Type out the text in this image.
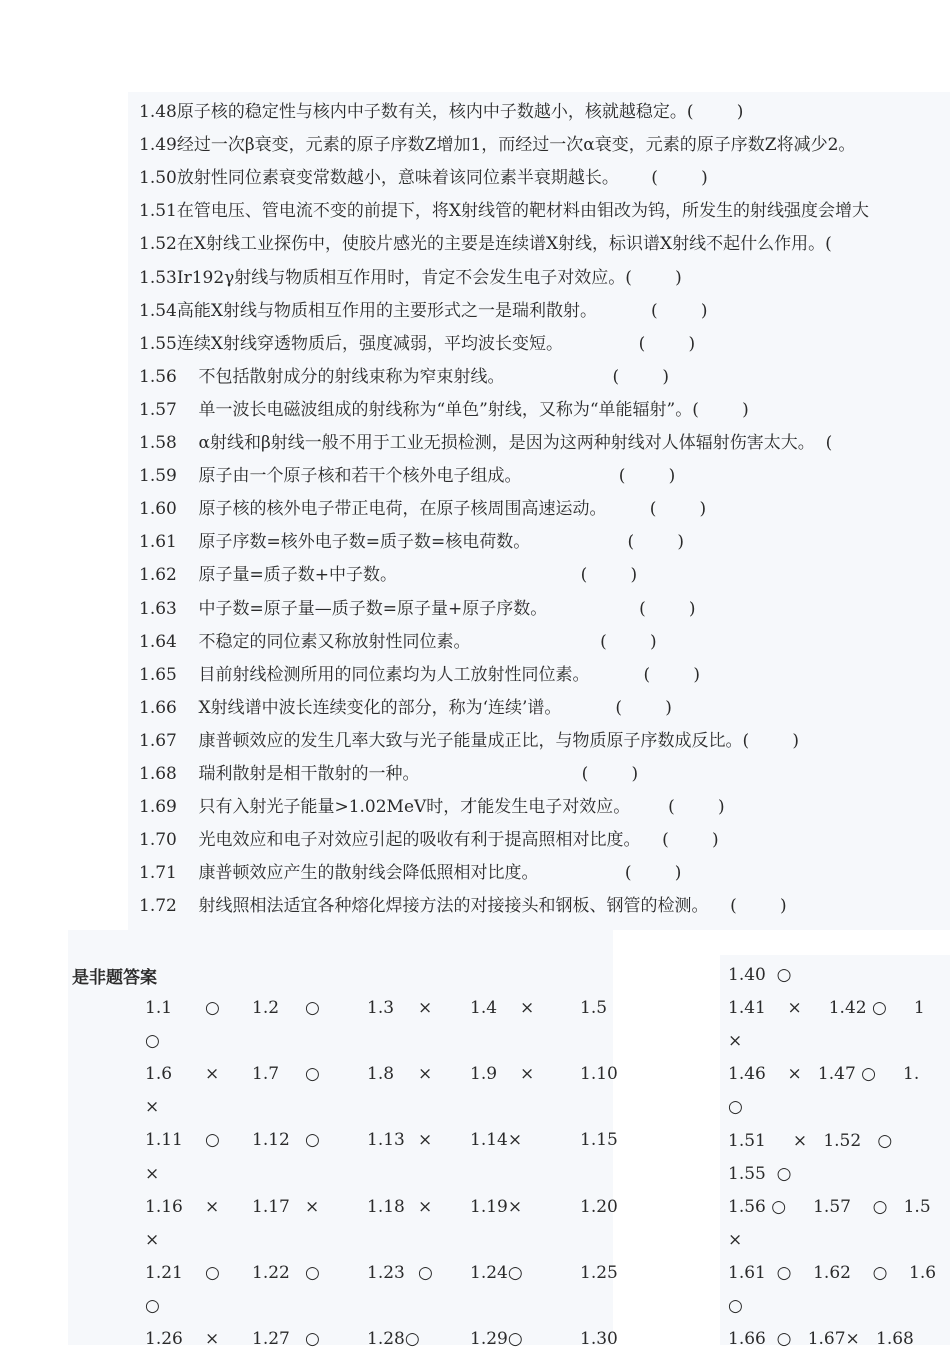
1.48原子核的稳定性与核内中子数有关，核内中子数越小，核就越稳定。(        )
1.49经过一次β衰变，元素的原子序数Z增加1，而经过一次α衰变，元素的原子序数Z将减少2。
1.50放射性同位素衰变常数越小，意味着该同位素半衰期越长。      (        )
1.51在管电压、管电流不变的前提下，将X射线管的靶材料由钼改为钨，所发生的射线强度会增大
1.52在X射线工业探伤中，使胶片感光的主要是连续谱X射线，标识谱X射线不起什么作用。(
1.53Ir192γ射线与物质相互作用时，肯定不会发生电子对效应。(        )
1.54高能X射线与物质相互作用的主要形式之一是瑞利散射。          (        )
1.55连续X射线穿透物质后，强度减弱，平均波长变短。              (        )
1.56    不包括散射成分的射线束称为窄束射线。                    (        )
1.57    单一波长电磁波组成的射线称为“单色”射线，又称为“单能辐射”。(        )
1.58    α射线和β射线一般不用于工业无损检测，是因为这两种射线对人体辐射伤害太大。  (
1.59    原子由一个原子核和若干个核外电子组成。                  (        )
1.60    原子核的核外电子带正电荷，在原子核周围高速运动。        (        )
1.61    原子序数=核外电子数=质子数=核电荷数。                  (        )
1.62    原子量=质子数+中子数。                                  (        )
1.63    中子数=原子量—质子数=原子量+原子序数。                 (        )
1.64    不稳定的同位素又称放射性同位素。                        (        )
1.65    目前射线检测所用的同位素均为人工放射性同位素。          (        )
1.66    X射线谱中波长连续变化的部分，称为‘连续’谱。          (        )
1.67    康普顿效应的发生几率大致与光子能量成正比，与物质原子序数成反比。(        )
1.68    瑞利散射是相干散射的一种。                              (        )
1.69    只有入射光子能量>1.02MeV时，才能发生电子对效应。       (        )
1.70    光电效应和电子对效应引起的吸收有利于提高照相对比度。    (        )
1.71    康普顿效应产生的散射线会降低照相对比度。                (        )
1.72    射线照相法适宜各种熔化焊接方法的对接接头和钢板、钢管的检测。    (        )
是非题答案
1.1 ○ 1.2 ○	1.3 × 1.4 ×	1.5
○
1.6 × 1.7 ○	1.8 × 1.9 ×	1.10
×
1.11 ○ 1.12 ○	1.13 × 1.14×	1.15
×
1.16 × 1.17 ×	1.18 × 1.19×	1.20
×
1.21 ○ 1.22 ○	1.23 ○ 1.24○	1.25
○
1.26 × 1.27 ○	1.28○	1.29○	1.30
1.40  ○
1.41    ×     1.42 ○     1
×
1.46    ×   1.47 ○     1.
○
1.51     ×   1.52   ○
1.55  ○
1.56 ○     1.57    ○   1.5
×
1.61  ○    1.62    ○    1.6
○
1.66  ○   1.67×   1.68
